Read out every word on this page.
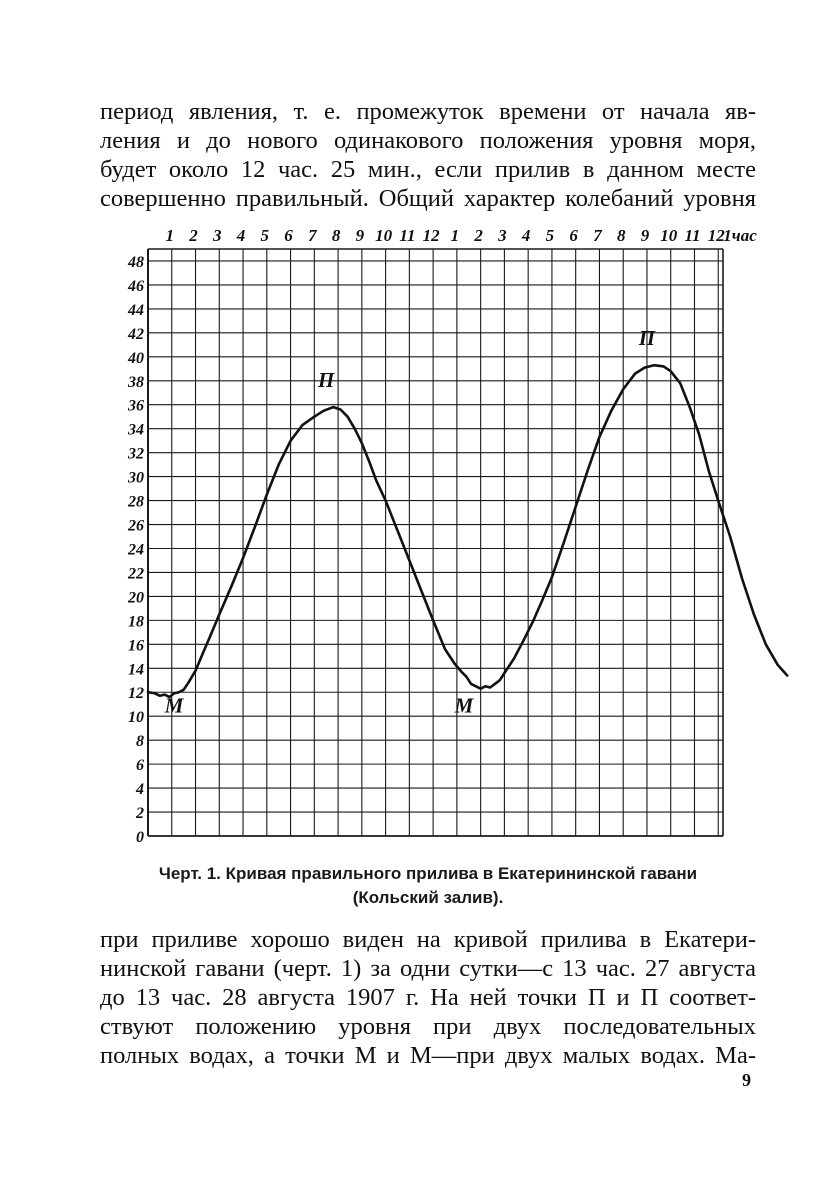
период явления, т. е. промежуток времени от начала яв-
ления и до нового одинакового положения уровня моря,
будет около 12 час. 25 мин., если прилив в данном месте
совершенно правильный. Общий характер колебаний уровня
1 2 3 4 5 6 7 8 9 10 11 12 1 2 3 4 5 6 7 8 9 10 11 12
1час
0
2
4
6
8
10
12
14
16
18
20
22
24
26
28
30
32
34
36
38
40
42
44
46
48
П
П
М	М
Черт. 1. Кривая правильного прилива в Екатерининской гавани
(Кольский залив).
при приливе хорошо виден на кривой прилива в Екатери-
нинской гавани (черт. 1) за одни сутки—с 13 час. 27 августа
до 13 час. 28 августа 1907 г. На ней точки П и П соответ-
ствуют положению уровня при двух последовательных
полных водах, а точки М и М—при двух малых водах. Ма-
9
